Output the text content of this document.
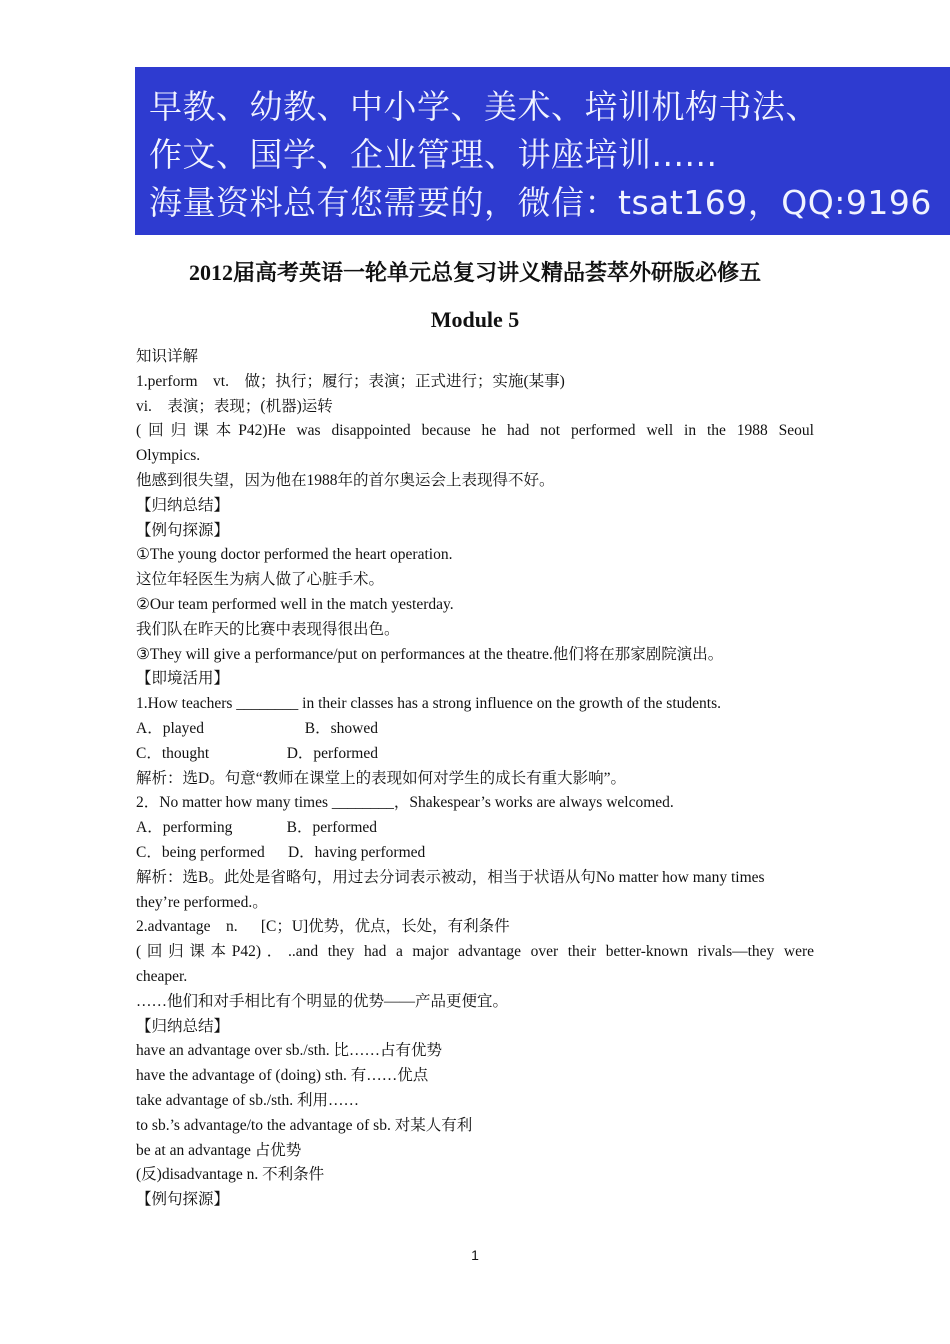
早教、幼教、中小学、美术、培训机构书法、
作文、国学、企业管理、讲座培训......
海量资料总有您需要的，微信：tsat169，QQ:9196
2012届高考英语一轮单元总复习讲义精品荟萃外研版必修五
Module 5
知识详解
1.perform    vt.    做；执行；履行；表演；正式进行；实施(某事)
vi.    表演；表现；(机器)运转
(回归课本P42)He was disappointed because he had not performed well in the 1988 Seoul
Olympics.
他感到很失望，因为他在1988年的首尔奥运会上表现得不好。
【归纳总结】
【例句探源】
①The young doctor performed the heart operation.
这位年轻医生为病人做了心脏手术。
②Our team performed well in the match yesterday.
我们队在昨天的比赛中表现得很出色。
③They will give a performance/put on performances at the theatre.他们将在那家剧院演出。
【即境活用】
1.How teachers ________ in their classes has a strong influence on the growth of the students.
A．played                          B．showed
C．thought                    D．performed
解析：选D。句意“教师在课堂上的表现如何对学生的成长有重大影响”。
2．No matter how many times ________，Shakespear’s works are always welcomed.
A．performing              B．performed
C．being performed      D．having performed
解析：选B。此处是省略句，用过去分词表示被动，相当于状语从句No matter how many times
they’re performed.。
2.advantage    n.      [C；U]优势，优点，长处，有利条件
(回归课本P42)．..and they had a major advantage over their better-known rivals—they were
cheaper.
……他们和对手相比有个明显的优势——产品更便宜。
【归纳总结】
have an advantage over sb./sth. 比……占有优势
have the advantage of (doing) sth. 有……优点
take advantage of sb./sth. 利用……
to sb.’s advantage/to the advantage of sb. 对某人有利
be at an advantage 占优势
(反)disadvantage n. 不利条件
【例句探源】
1
